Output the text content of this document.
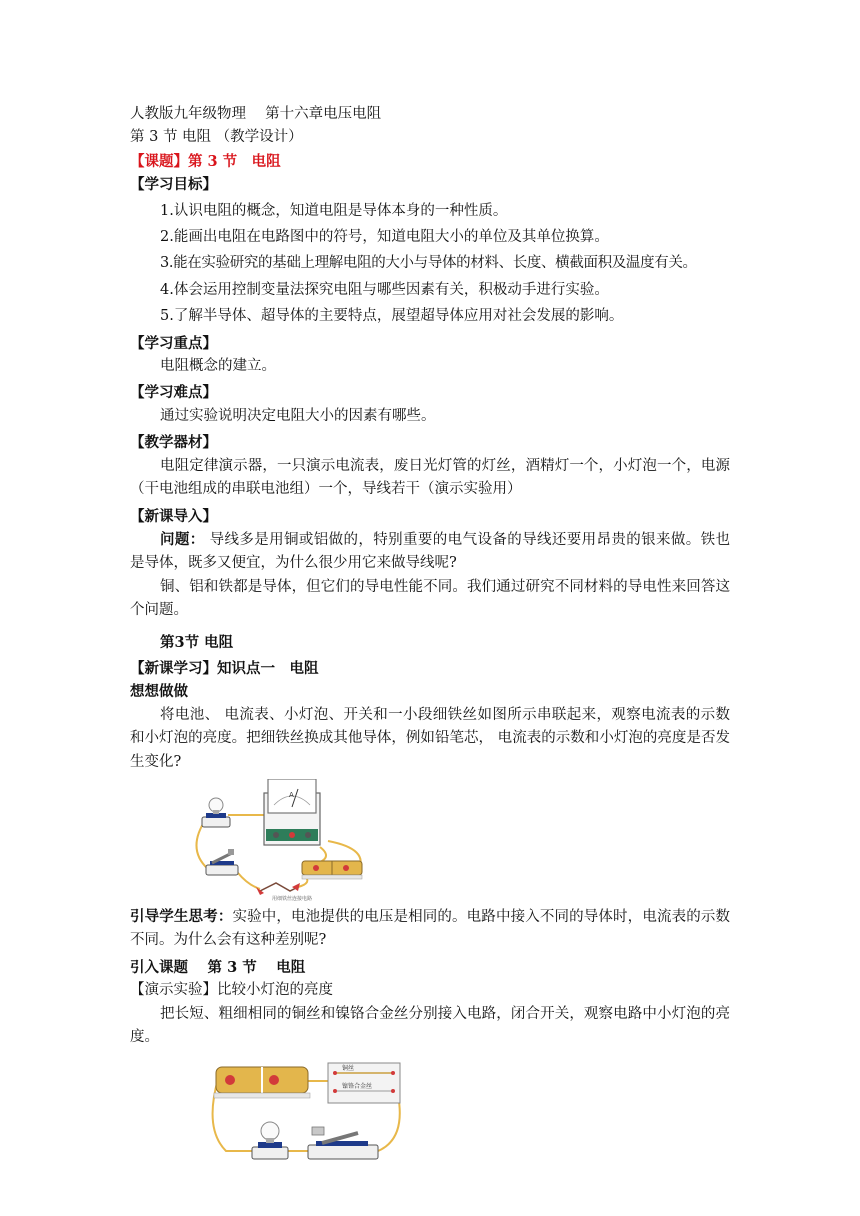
人教版九年级物理　 第十六章电压电阻
第 3 节 电阻 （教学设计）
【课题】第 3 节　电阻
【学习目标】
1.认识电阻的概念，知道电阻是导体本身的一种性质。
2.能画出电阻在电路图中的符号，知道电阻大小的单位及其单位换算。
3.能在实验研究的基础上理解电阻的大小与导体的材料、长度、横截面积及温度有关。
4.体会运用控制变量法探究电阻与哪些因素有关，积极动手进行实验。
5.了解半导体、超导体的主要特点，展望超导体应用对社会发展的影响。
【学习重点】
电阻概念的建立。
【学习难点】
通过实验说明决定电阻大小的因素有哪些。
【教学器材】
电阻定律演示器，一只演示电流表，废日光灯管的灯丝，酒精灯一个，小灯泡一个，电源（干电池组成的串联电池组）一个，导线若干（演示实验用）
【新课导入】
问题： 导线多是用铜或铝做的，特别重要的电气设备的导线还要用昂贵的银来做。铁也是导体，既多又便宜，为什么很少用它来做导线呢?
铜、铝和铁都是导体，但它们的导电性能不同。我们通过研究不同材料的导电性来回答这个问题。
第3节 电阻
【新课学习】知识点一　电阻
想想做做
将电池、 电流表、小灯泡、开关和一小段细铁丝如图所示串联起来，观察电流表的示数和小灯泡的亮度。把细铁丝换成其他导体，例如铅笔芯， 电流表的示数和小灯泡的亮度是否发生变化?
A
用细铁丝连接电路
引导学生思考：实验中，电池提供的电压是相同的。电路中接入不同的导体时，电流表的示数不同。为什么会有这种差别呢?
引入课题　 第 3 节　 电阻
【演示实验】比较小灯泡的亮度
把长短、粗细相同的铜丝和镍铬合金丝分别接入电路，闭合开关，观察电路中小灯泡的亮度。
铜丝
镍铬合金丝
